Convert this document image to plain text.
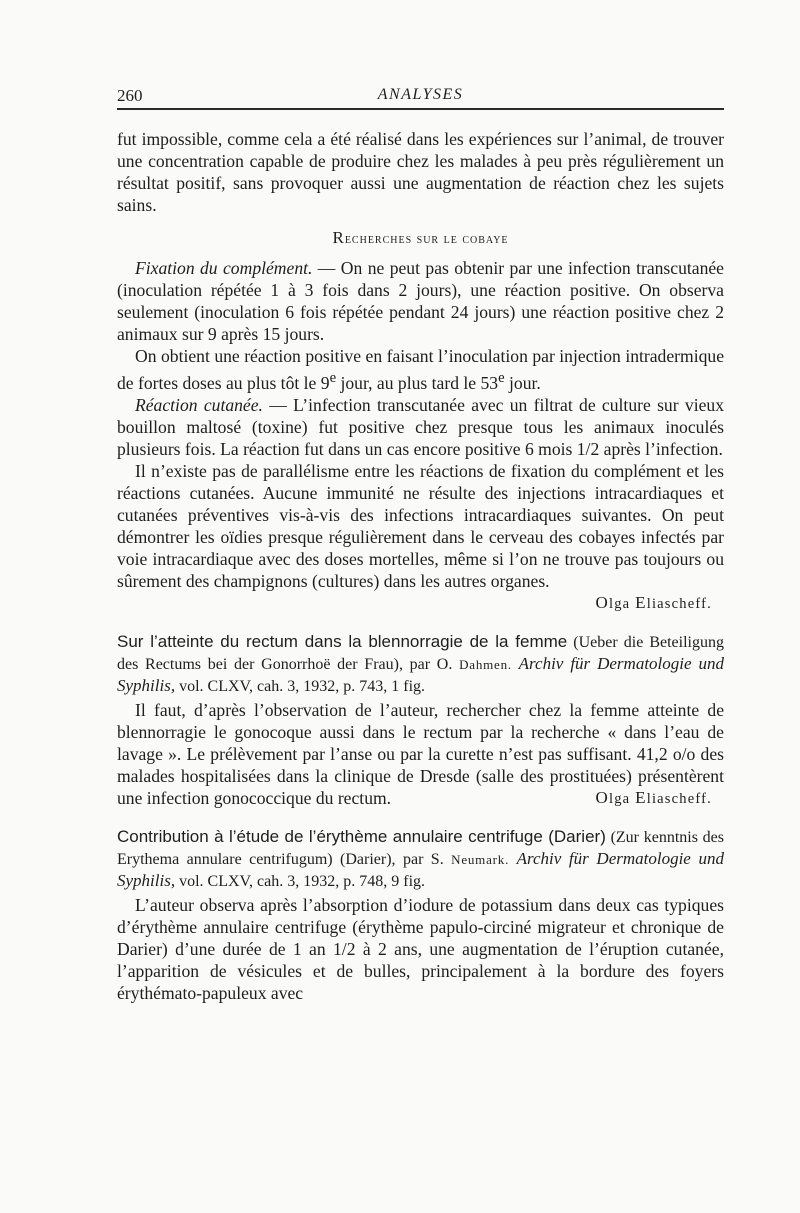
260	ANALYSES

fut impossible, comme cela a été réalisé dans les expériences sur l’animal, de trouver une concentration capable de produire chez les malades à peu près régulièrement un résultat positif, sans provoquer aussi une augmentation de réaction chez les sujets sains.

Recherches sur le cobaye

Fixation du complément. — On ne peut pas obtenir par une infection transcutanée (inoculation répétée 1 à 3 fois dans 2 jours), une réaction positive. On observa seulement (inoculation 6 fois répétée pendant 24 jours) une réaction positive chez 2 animaux sur 9 après 15 jours.

On obtient une réaction positive en faisant l’inoculation par injection intradermique de fortes doses au plus tôt le 9e jour, au plus tard le 53e jour.

Réaction cutanée. — L’infection transcutanée avec un filtrat de culture sur vieux bouillon maltosé (toxine) fut positive chez presque tous les animaux inoculés plusieurs fois. La réaction fut dans un cas encore positive 6 mois 1/2 après l’infection.

Il n’existe pas de parallélisme entre les réactions de fixation du complément et les réactions cutanées. Aucune immunité ne résulte des injections intracardiaques et cutanées préventives vis-à-vis des infections intracardiaques suivantes. On peut démontrer les oïdies presque régulièrement dans le cerveau des cobayes infectés par voie intracardiaque avec des doses mortelles, même si l’on ne trouve pas toujours ou sûrement des champignons (cultures) dans les autres organes.

Olga Eliascheff.

Sur l’atteinte du rectum dans la blennorragie de la femme (Ueber die Beteiligung des Rectums bei der Gonorrhoë der Frau), par O. Dahmen. Archiv für Dermatologie und Syphilis, vol. CLXV, cah. 3, 1932, p. 743, 1 fig.

Il faut, d’après l’observation de l’auteur, rechercher chez la femme atteinte de blennorragie le gonocoque aussi dans le rectum par la recherche « dans l’eau de lavage ». Le prélèvement par l’anse ou par la curette n’est pas suffisant. 41,2 o/o des malades hospitalisées dans la clinique de Dresde (salle des prostituées) présentèrent une infection gonococcique du rectum.	Olga Eliascheff.

Contribution à l’étude de l’érythème annulaire centrifuge (Darier) (Zur kenntnis des Erythema annulare centrifugum) (Darier), par S. Neumark. Archiv für Dermatologie und Syphilis, vol. CLXV, cah. 3, 1932, p. 748, 9 fig.

L’auteur observa après l’absorption d’iodure de potassium dans deux cas typiques d’érythème annulaire centrifuge (érythème papulo-circiné migrateur et chronique de Darier) d’une durée de 1 an 1/2 à 2 ans, une augmentation de l’éruption cutanée, l’apparition de vésicules et de bulles, principalement à la bordure des foyers érythémato-papuleux avec
